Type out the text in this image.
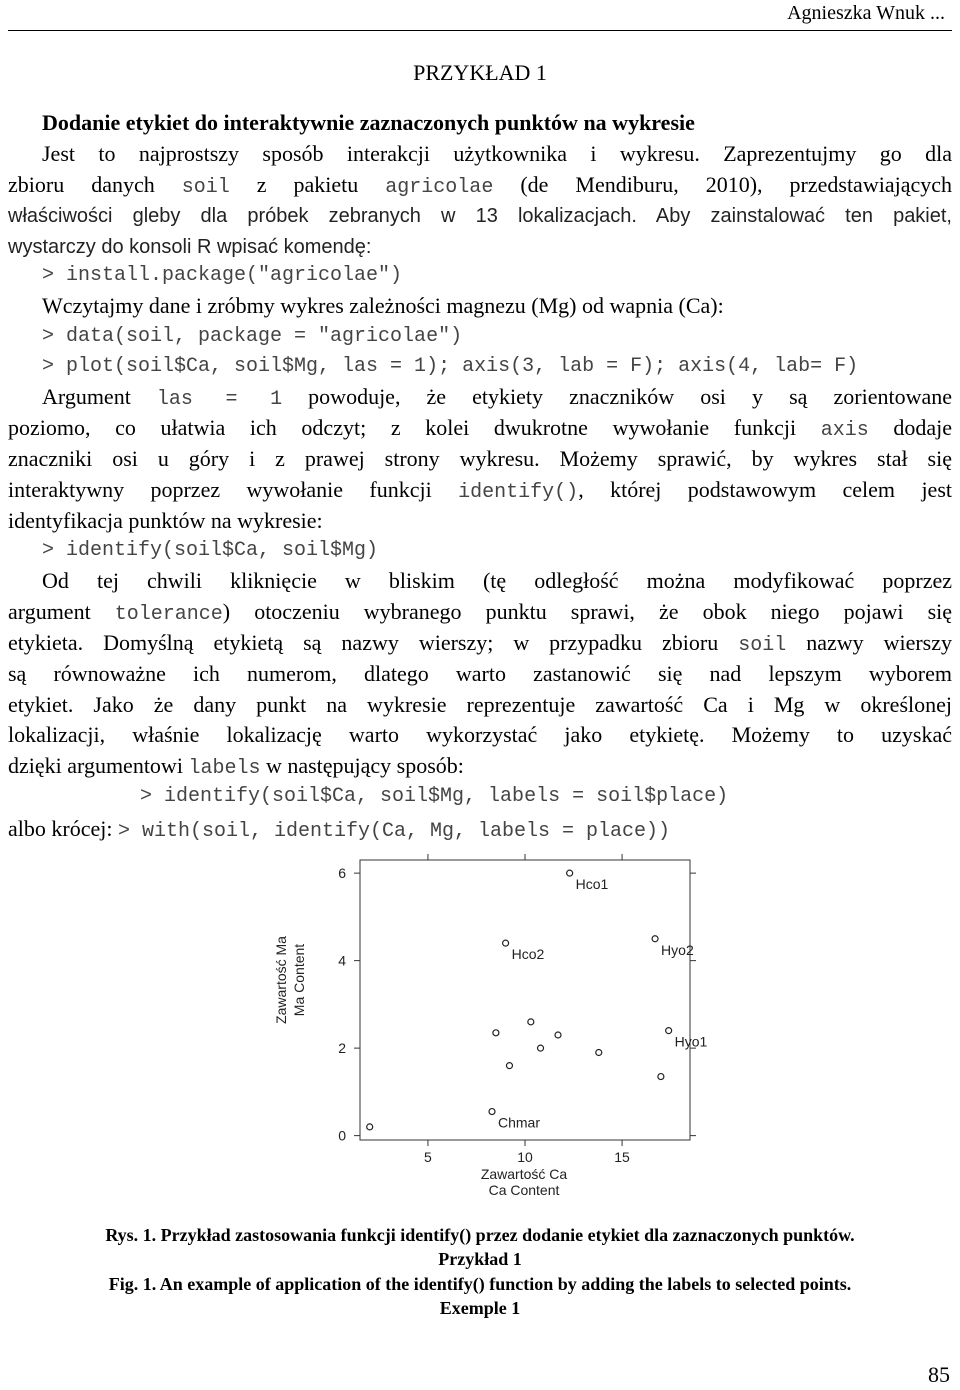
Agnieszka Wnuk ...
PRZYKŁAD 1
Dodanie etykiet do interaktywnie zaznaczonych punktów na wykresie
Jest to najprostszy sposób interakcji użytkownika i wykresu. Zaprezentujmy go dla
zbioru danych soil z pakietu agricolae (de Mendiburu, 2010), przedstawiających
właściwości gleby dla próbek zebranych w 13 lokalizacjach. Aby zainstalować ten pakiet,
wystarczy do konsoli R wpisać komendę:
> install.package("agricolae")
Wczytajmy dane i zróbmy wykres zależności magnezu (Mg) od wapnia (Ca):
> data(soil, package = "agricolae")
> plot(soil$Ca, soil$Mg, las = 1); axis(3, lab = F); axis(4, lab= F)
Argument las = 1 powoduje, że etykiety znaczników osi y są zorientowane
poziomo, co ułatwia ich odczyt; z kolei dwukrotne wywołanie funkcji axis dodaje
znaczniki osi u góry i z prawej strony wykresu. Możemy sprawić, by wykres stał się
interaktywny poprzez wywołanie funkcji identify(), której podstawowym celem jest
identyfikacja punktów na wykresie:
> identify(soil$Ca, soil$Mg)
Od tej chwili kliknięcie w bliskim (tę odległość można modyfikować poprzez
argument tolerance) otoczeniu wybranego punktu sprawi, że obok niego pojawi się
etykieta. Domyślną etykietą są nazwy wierszy; w przypadku zbioru soil nazwy wierszy
są równoważne ich numerom, dlatego warto zastanowić się nad lepszym wyborem
etykiet. Jako że dany punkt na wykresie reprezentuje zawartość Ca i Mg w określonej
lokalizacji, właśnie lokalizację warto wykorzystać jako etykietę. Możemy to uzyskać
dzięki argumentowi labels w następujący sposób:
> identify(soil$Ca, soil$Mg, labels = soil$place)
albo krócej: > with(soil, identify(Ca, Mg, labels = place))
0
2
4
6
5	10	15
Chmar
Hco1
Hco2	Hyo2
Hyo1
Zawartość Ma Ma Content
Zawartość Ca
Ca Content
Rys. 1. Przykład zastosowania funkcji identify() przez dodanie etykiet dla zaznaczonych punktów.
Przykład 1
Fig. 1. An example of application of the identify() function by adding the labels to selected points.
Exemple 1
85
